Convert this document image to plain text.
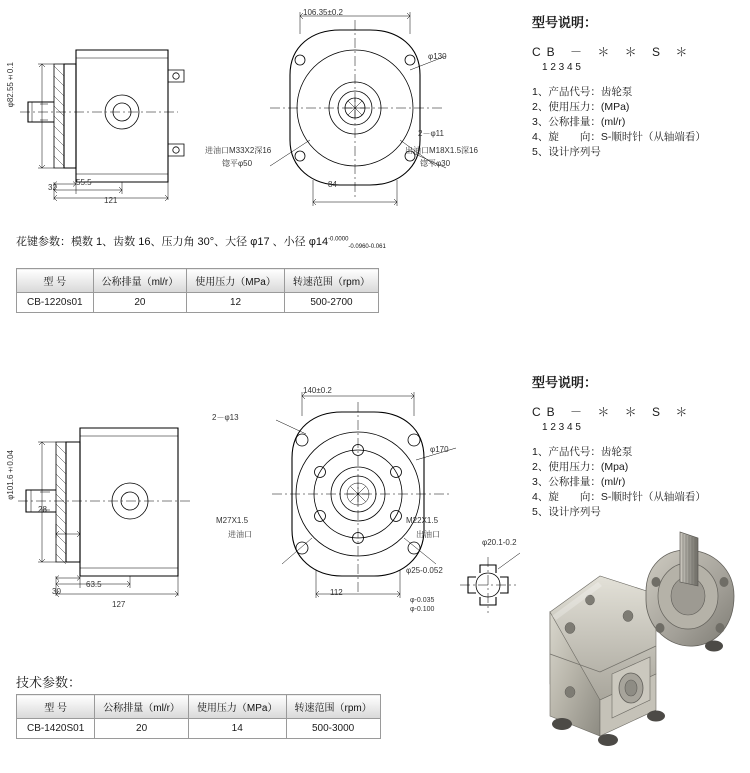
φ82.55±0.1
55.5
121
32
106.35±0.2
84
φ130
2－φ11
进油口M33X2深16
锪平φ50
出油口M18X1.5深16
锪平φ30
型号说明：
CB － ＊ ＊ S ＊
1 2 3 4 5
1、产品代号：齿轮泵
2、使用压力：(MPa)
3、公称排量：(ml/r)
4、旋　　向：S-顺时针（从轴端看）
5、设计序列号
花键参数：模数 1、齿数 16、压力角 30°、大径 φ17 、小径 $\varphi 14^{-0.0000}_{-0.0960-0.061}$
型 号	公称排量（ml/r）	使用压力（MPa）	转速范围（rpm）
CB-1220s01	20	12	500-2700
φ101.6±0.04
28
63.5
127
30
140±0.2
112
2－φ13
φ170
M27X1.5
进油口
M22X1.5
出油口
φ20.1-0.2
φ25-0.052
φ-0.035
φ-0.100
型号说明：
CB － ＊ ＊ S ＊
1 2 3 4 5
1、产品代号：齿轮泵
2、使用压力：(Mpa)
3、公称排量：(ml/r)
4、旋　　向：S-顺时针（从轴端看）
5、设计序列号
技术参数：
型 号	公称排量（ml/r）	使用压力（MPa）	转速范围（rpm）
CB-1420S01	20	14	500-3000
